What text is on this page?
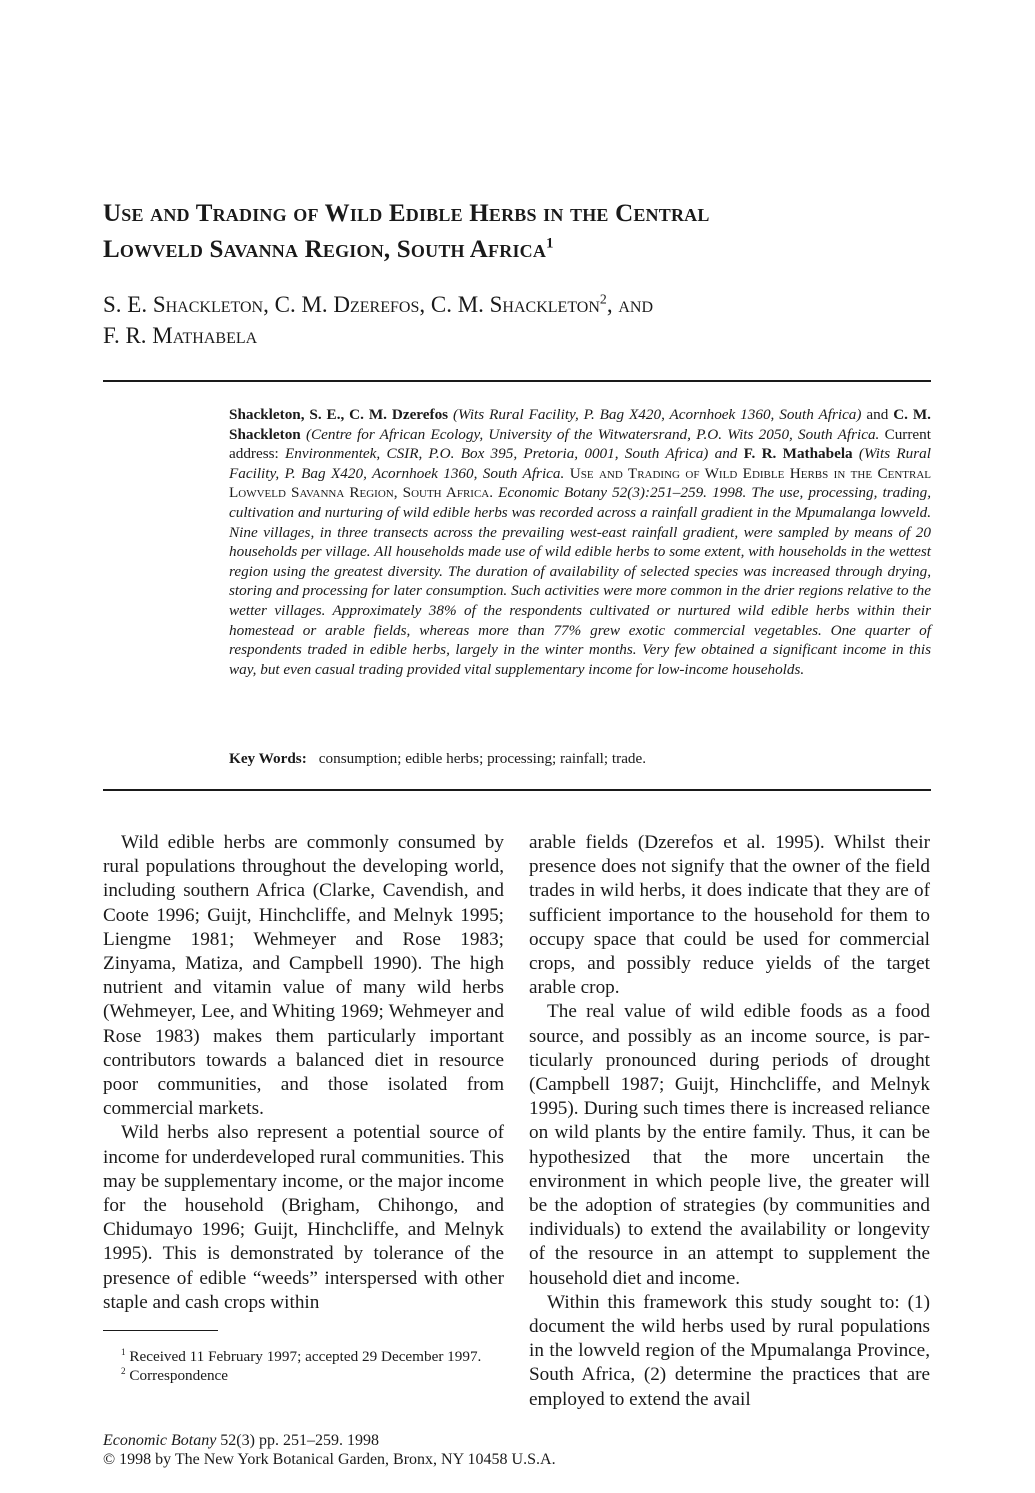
Use and Trading of Wild Edible Herbs in the Central
Lowveld Savanna Region, South Africa$^1$
S. E. Shackleton, C. M. Dzerefos, C. M. Shackleton$^2$, and
F. R. Mathabela
Shackleton, S. E., C. M. Dzerefos (Wits Rural Facility, P. Bag X420, Acornhoek 1360, South Africa) and C. M. Shackleton (Centre for African Ecology, University of the Witwatersrand, P.O. Wits 2050, South Africa. Current address: Environmentek, CSIR, P.O. Box 395, Pretoria, 0001, South Africa) and F. R. Mathabela (Wits Rural Facility, P. Bag X420, Acornhoek 1360, South Africa. Use and Trading of Wild Edible Herbs in the Central Lowveld Savanna Region, South Africa. Economic Botany 52(3):251–259. 1998. The use, processing, trading, cultivation and nurturing of wild edible herbs was recorded across a rainfall gradient in the Mpumalanga lowveld. Nine villages, in three transects across the prevailing west-east rainfall gradient, were sampled by means of 20 households per village. All households made use of wild edible herbs to some extent, with households in the wettest region using the greatest diversity. The duration of availability of selected species was increased through drying, storing and processing for later consumption. Such activities were more common in the drier regions relative to the wetter villages. Approximately 38% of the respondents cultivated or nurtured wild edible herbs within their homestead or arable fields, whereas more than 77% grew exotic commercial vegetables. One quarter of respondents traded in edible herbs, largely in the winter months. Very few obtained a significant income in this way, but even casual trading provided vital supplementary income for low-income households.
Key Words: consumption; edible herbs; processing; rainfall; trade.

Wild edible herbs are commonly consumed by rural populations throughout the developing world, including southern Africa (Clarke, Cavendish, and Coote 1996; Guijt, Hinchcliffe, and Melnyk 1995; Liengme 1981; Wehmeyer and Rose 1983; Zinyama, Matiza, and Campbell 1990). The high nutrient and vitamin value of many wild herbs (Wehmeyer, Lee, and Whiting 1969; Wehmeyer and Rose 1983) makes them particularly important contributors towards a balanced diet in resource poor communities, and those isolated from commercial markets.

Wild herbs also represent a potential source of income for underdeveloped rural communities. This may be supplementary income, or the major income for the household (Brigham, Chihongo, and Chidumayo 1996; Guijt, Hinchcliffe, and Melnyk 1995). This is demonstrated by tolerance of the presence of edible “weeds” interspersed with other staple and cash crops within

arable fields (Dzerefos et al. 1995). Whilst their presence does not signify that the owner of the field trades in wild herbs, it does indicate that they are of sufficient importance to the household for them to occupy space that could be used for commercial crops, and possibly reduce yields of the target arable crop.

The real value of wild edible foods as a food source, and possibly as an income source, is particularly pronounced during periods of drought (Campbell 1987; Guijt, Hinchcliffe, and Melnyk 1995). During such times there is increased reliance on wild plants by the entire family. Thus, it can be hypothesized that the more uncertain the environment in which people live, the greater will be the adoption of strategies (by communities and individuals) to extend the availability or longevity of the resource in an attempt to supplement the household diet and income.

Within this framework this study sought to: (1) document the wild herbs used by rural populations in the lowveld region of the Mpumalanga Province, South Africa, (2) determine the practices that are employed to extend the avail

$^1$ Received 11 February 1997; accepted 29 December 1997.
$^2$ Correspondence
Economic Botany 52(3) pp. 251–259. 1998
© 1998 by The New York Botanical Garden, Bronx, NY 10458 U.S.A.
